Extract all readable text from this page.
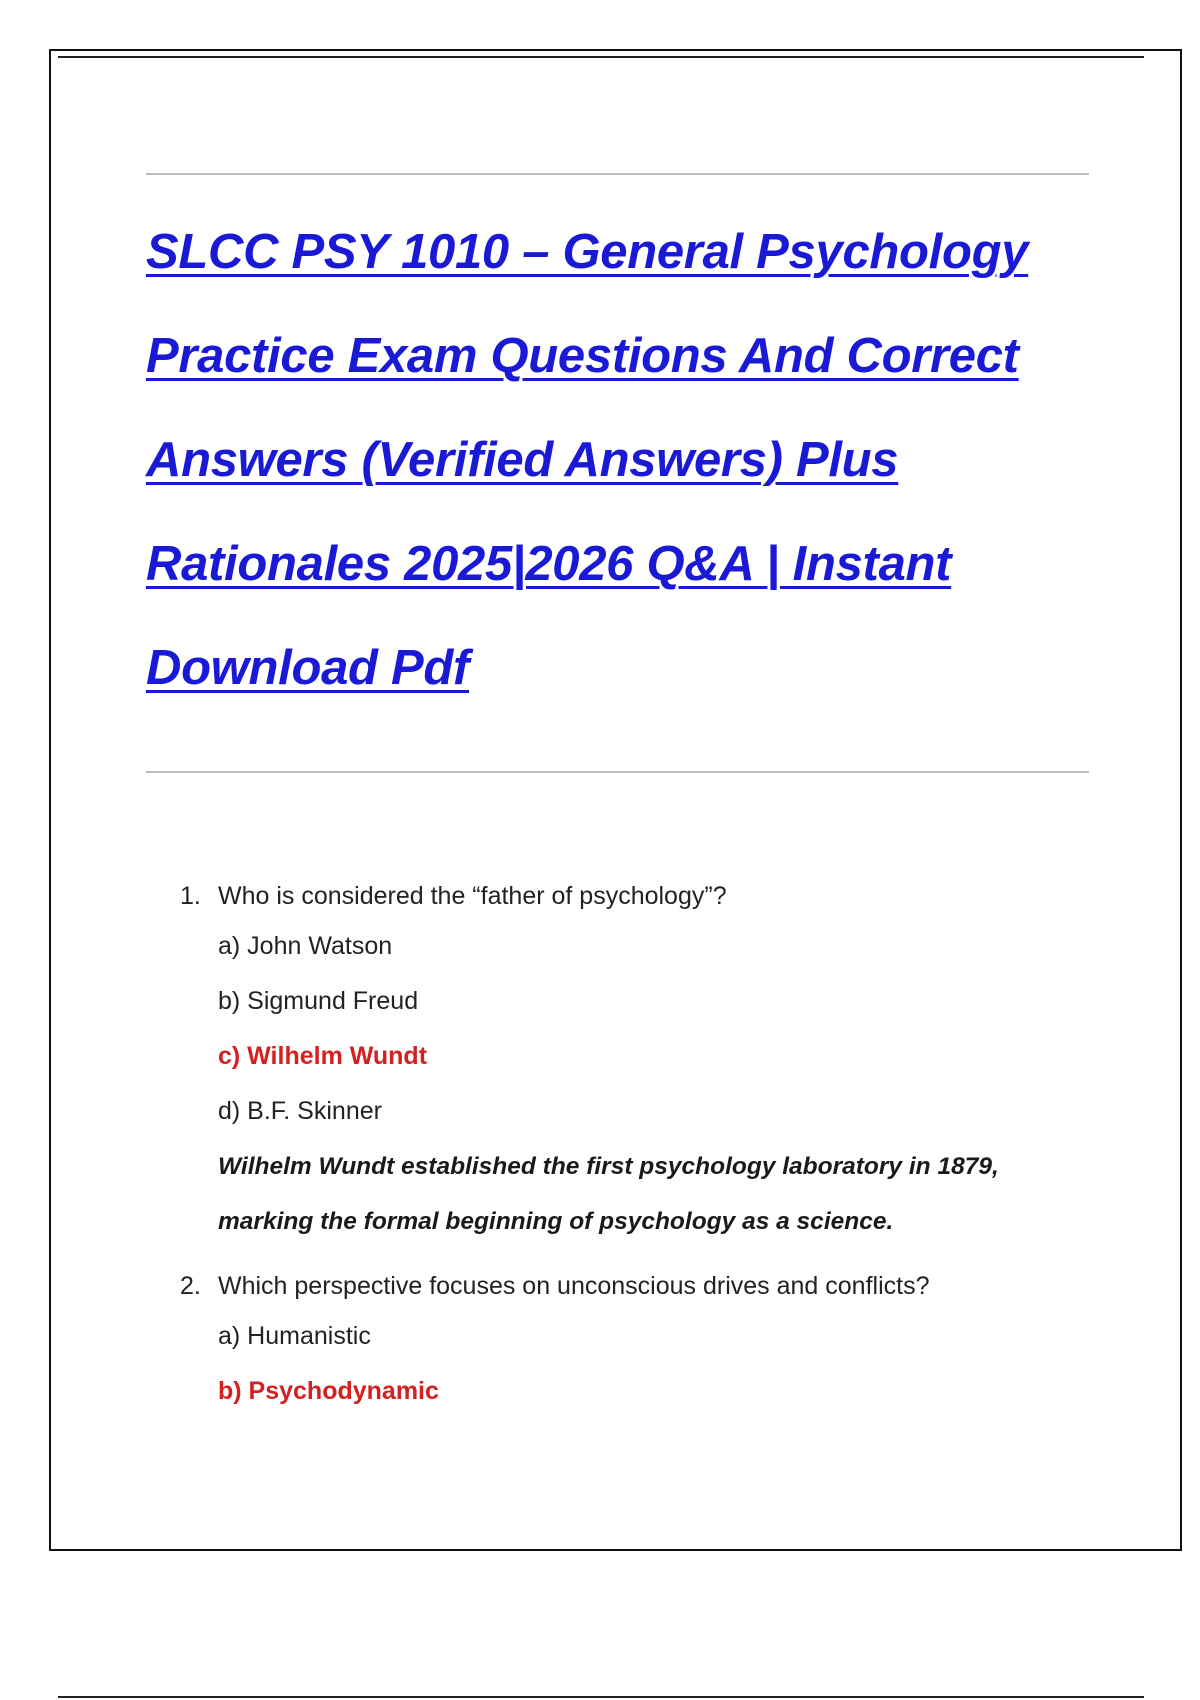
SLCC PSY 1010 – General Psychology Practice Exam Questions And Correct Answers (Verified Answers) Plus Rationales 2025|2026 Q&A | Instant Download Pdf
1. Who is considered the “father of psychology”?
a) John Watson
b) Sigmund Freud
c) Wilhelm Wundt
d) B.F. Skinner
Wilhelm Wundt established the first psychology laboratory in 1879, marking the formal beginning of psychology as a science.
2. Which perspective focuses on unconscious drives and conflicts?
a) Humanistic
b) Psychodynamic
